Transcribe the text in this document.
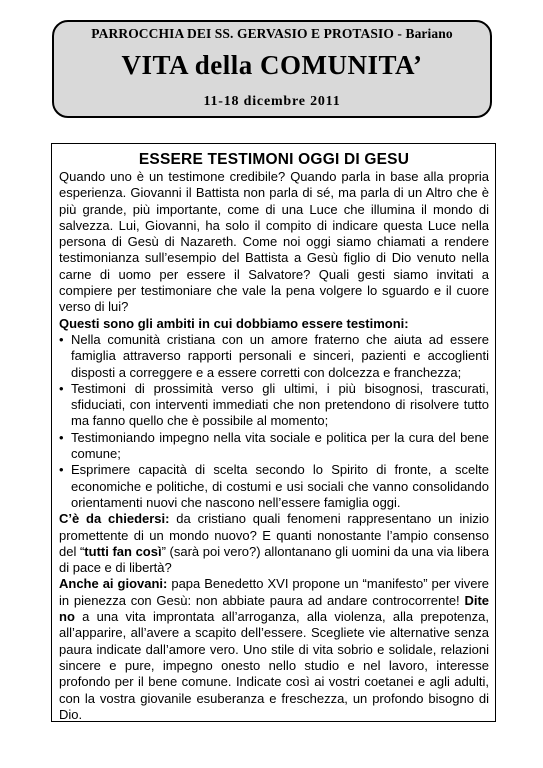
PARROCCHIA DEI SS. GERVASIO E PROTASIO - Bariano
VITA della COMUNITA’
11-18 dicembre 2011
ESSERE TESTIMONI OGGI DI GESU

Quando uno è un testimone credibile? Quando parla in base alla propria esperienza. Giovanni il Battista non parla di sé, ma parla di un Altro che è più grande, più importante, come di una Luce che illumina il mondo di salvezza. Lui, Giovanni, ha solo il compito di indicare questa Luce nella persona di Gesù di Nazareth. Come noi oggi siamo chiamati a rendere testimonianza sull’esempio del Battista a Gesù figlio di Dio venuto nella carne di uomo per essere il Salvatore? Quali gesti siamo invitati a compiere per testimoniare che vale la pena volgere lo sguardo e il cuore verso di lui?

Questi sono gli ambiti in cui dobbiamo essere testimoni:

• Nella comunità cristiana con un amore fraterno che aiuta ad essere famiglia attraverso rapporti personali e sinceri, pazienti e accoglienti disposti a correggere e a essere corretti con dolcezza e franchezza;
• Testimoni di prossimità verso gli ultimi, i più bisognosi, trascurati, sfiduciati, con interventi immediati che non pretendono di risolvere tutto ma fanno quello che è possibile al momento;
• Testimoniando impegno nella vita sociale e politica per la cura del bene comune;
• Esprimere capacità di scelta secondo lo Spirito di fronte, a scelte economiche e politiche, di costumi e usi sociali che vanno consolidando orientamenti nuovi che nascono nell’essere famiglia oggi.

C’è da chiedersi: da cristiano quali fenomeni rappresentano un inizio promettente di un mondo nuovo? E quanti nonostante l’ampio consenso del “tutti fan così” (sarà poi vero?) allontanano gli uomini da una via libera di pace e di libertà?

Anche ai giovani: papa Benedetto XVI propone un “manifesto” per vivere in pienezza con Gesù: non abbiate paura ad andare controcorrente! Dite no a una vita improntata all’arroganza, alla violenza, alla prepotenza, all’apparire, all’avere a scapito dell’essere. Scegliete vie alternative senza paura indicate dall’amore vero. Uno stile di vita sobrio e solidale, relazioni sincere e pure, impegno onesto nello studio e nel lavoro, interesse profondo per il bene comune. Indicate così ai vostri coetanei e agli adulti, con la vostra giovanile esuberanza e freschezza, un profondo bisogno di Dio.
